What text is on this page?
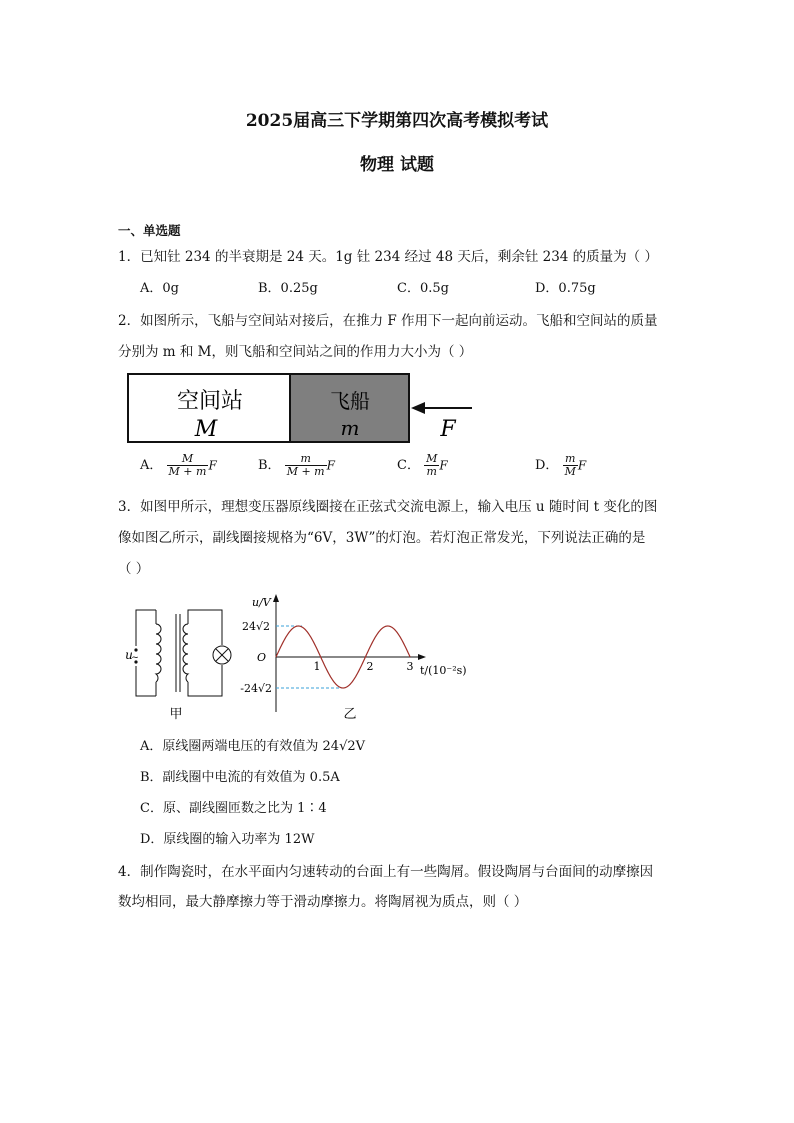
2025届高三下学期第四次高考模拟考试
物理 试题
一、单选题
1．已知钍 234 的半衰期是 24 天。1g 钍 234 经过 48 天后，剩余钍 234 的质量为（ ）
A．0g	B．0.25g	C．0.5g	D．0.75g
2．如图所示，飞船与空间站对接后，在推力 F 作用下一起向前运动。飞船和空间站的质量
分别为 m 和 M，则飞船和空间站之间的作用力大小为（ ）
空间站
M
飞船
m	F
A． $\frac{M}{M + m}$ F	B． $\frac{m}{M + m}$ F	C． $\frac{M}{m}$ F	D． $\frac{m}{M}$ F
3．如图甲所示，理想变压器原线圈接在正弦式交流电源上，输入电压 u 随时间 t 变化的图
像如图乙所示，副线圈接规格为“6V，3W”的灯泡。若灯泡正常发光，下列说法正确的是
（ ）
u
~
甲
u/V
t/(10⁻²s)
O
24√2
-24√2
1	2	3
乙
A．原线圈两端电压的有效值为 24√2V
B．副线圈中电流的有效值为 0.5A
C．原、副线圈匝数之比为 1∶4
D．原线圈的输入功率为 12W
4．制作陶瓷时，在水平面内匀速转动的台面上有一些陶屑。假设陶屑与台面间的动摩擦因
数均相同，最大静摩擦力等于滑动摩擦力。将陶屑视为质点，则（ ）
